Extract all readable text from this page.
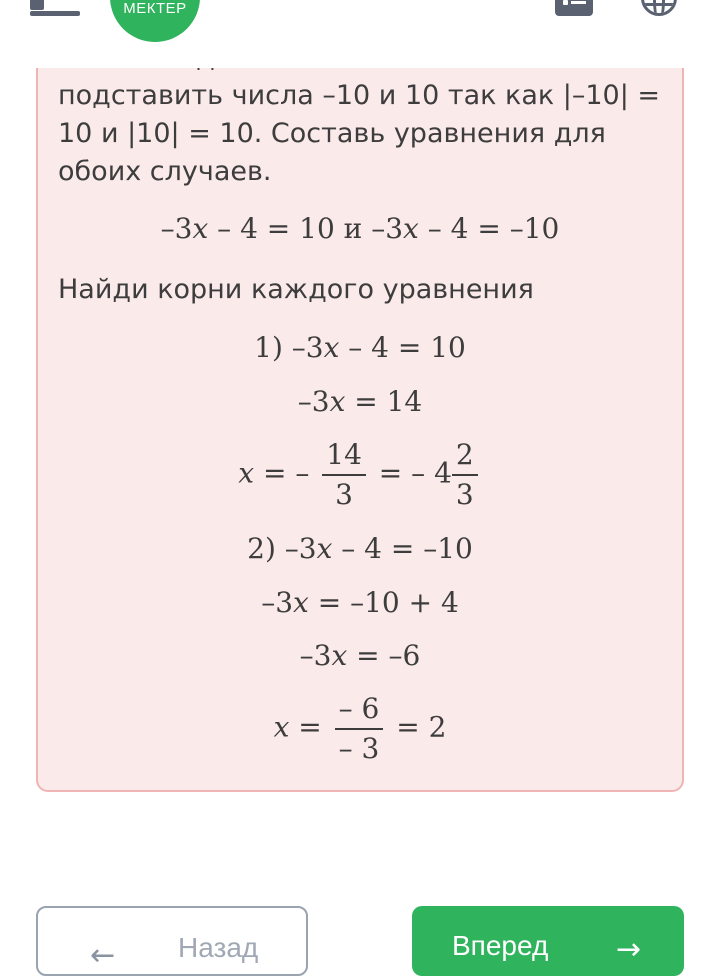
МЕКТЕР
подставить числа –10 и 10 так как |–10| =
10 и |10| = 10. Составь уравнения для
обоих случаев.
–3𝑥 – 4 = 10 и –3𝑥 – 4 = –10
Найди корни каждого уравнения
1) –3𝑥 – 4 = 10
–3𝑥 = 14
𝑥 = – $\frac{14}{3}$ = – $4 \frac{2}{3}$
2) –3𝑥 – 4 = –10
–3𝑥 = –10 + 4
–3𝑥 = –6
𝑥 = $\frac{- 6}{- 3} = 2$
← Назад	Вперед →
